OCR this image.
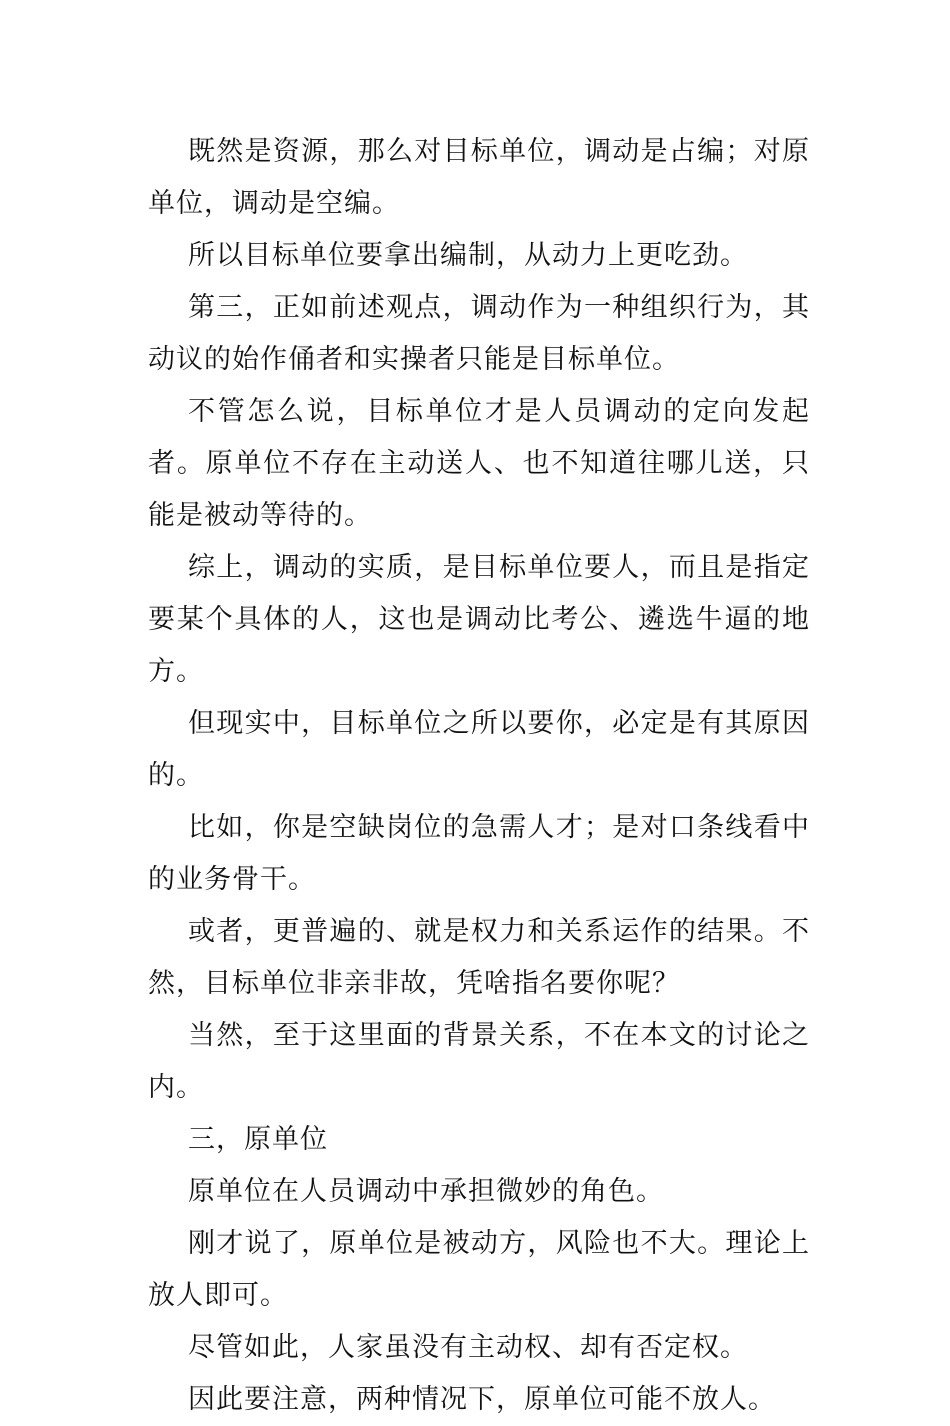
既然是资源，那么对目标单位，调动是占编；对原单位，调动是空编。

所以目标单位要拿出编制，从动力上更吃劲。

第三，正如前述观点，调动作为一种组织行为，其动议的始作俑者和实操者只能是目标单位。

不管怎么说，目标单位才是人员调动的定向发起者。原单位不存在主动送人、也不知道往哪儿送，只能是被动等待的。

综上，调动的实质，是目标单位要人，而且是指定要某个具体的人，这也是调动比考公、遴选牛逼的地方。

但现实中，目标单位之所以要你，必定是有其原因的。

比如，你是空缺岗位的急需人才；是对口条线看中的业务骨干。

或者，更普遍的、就是权力和关系运作的结果。不然，目标单位非亲非故，凭啥指名要你呢？

当然，至于这里面的背景关系，不在本文的讨论之内。

三，原单位

原单位在人员调动中承担微妙的角色。

刚才说了，原单位是被动方，风险也不大。理论上放人即可。

尽管如此，人家虽没有主动权、却有否定权。

因此要注意，两种情况下，原单位可能不放人。
